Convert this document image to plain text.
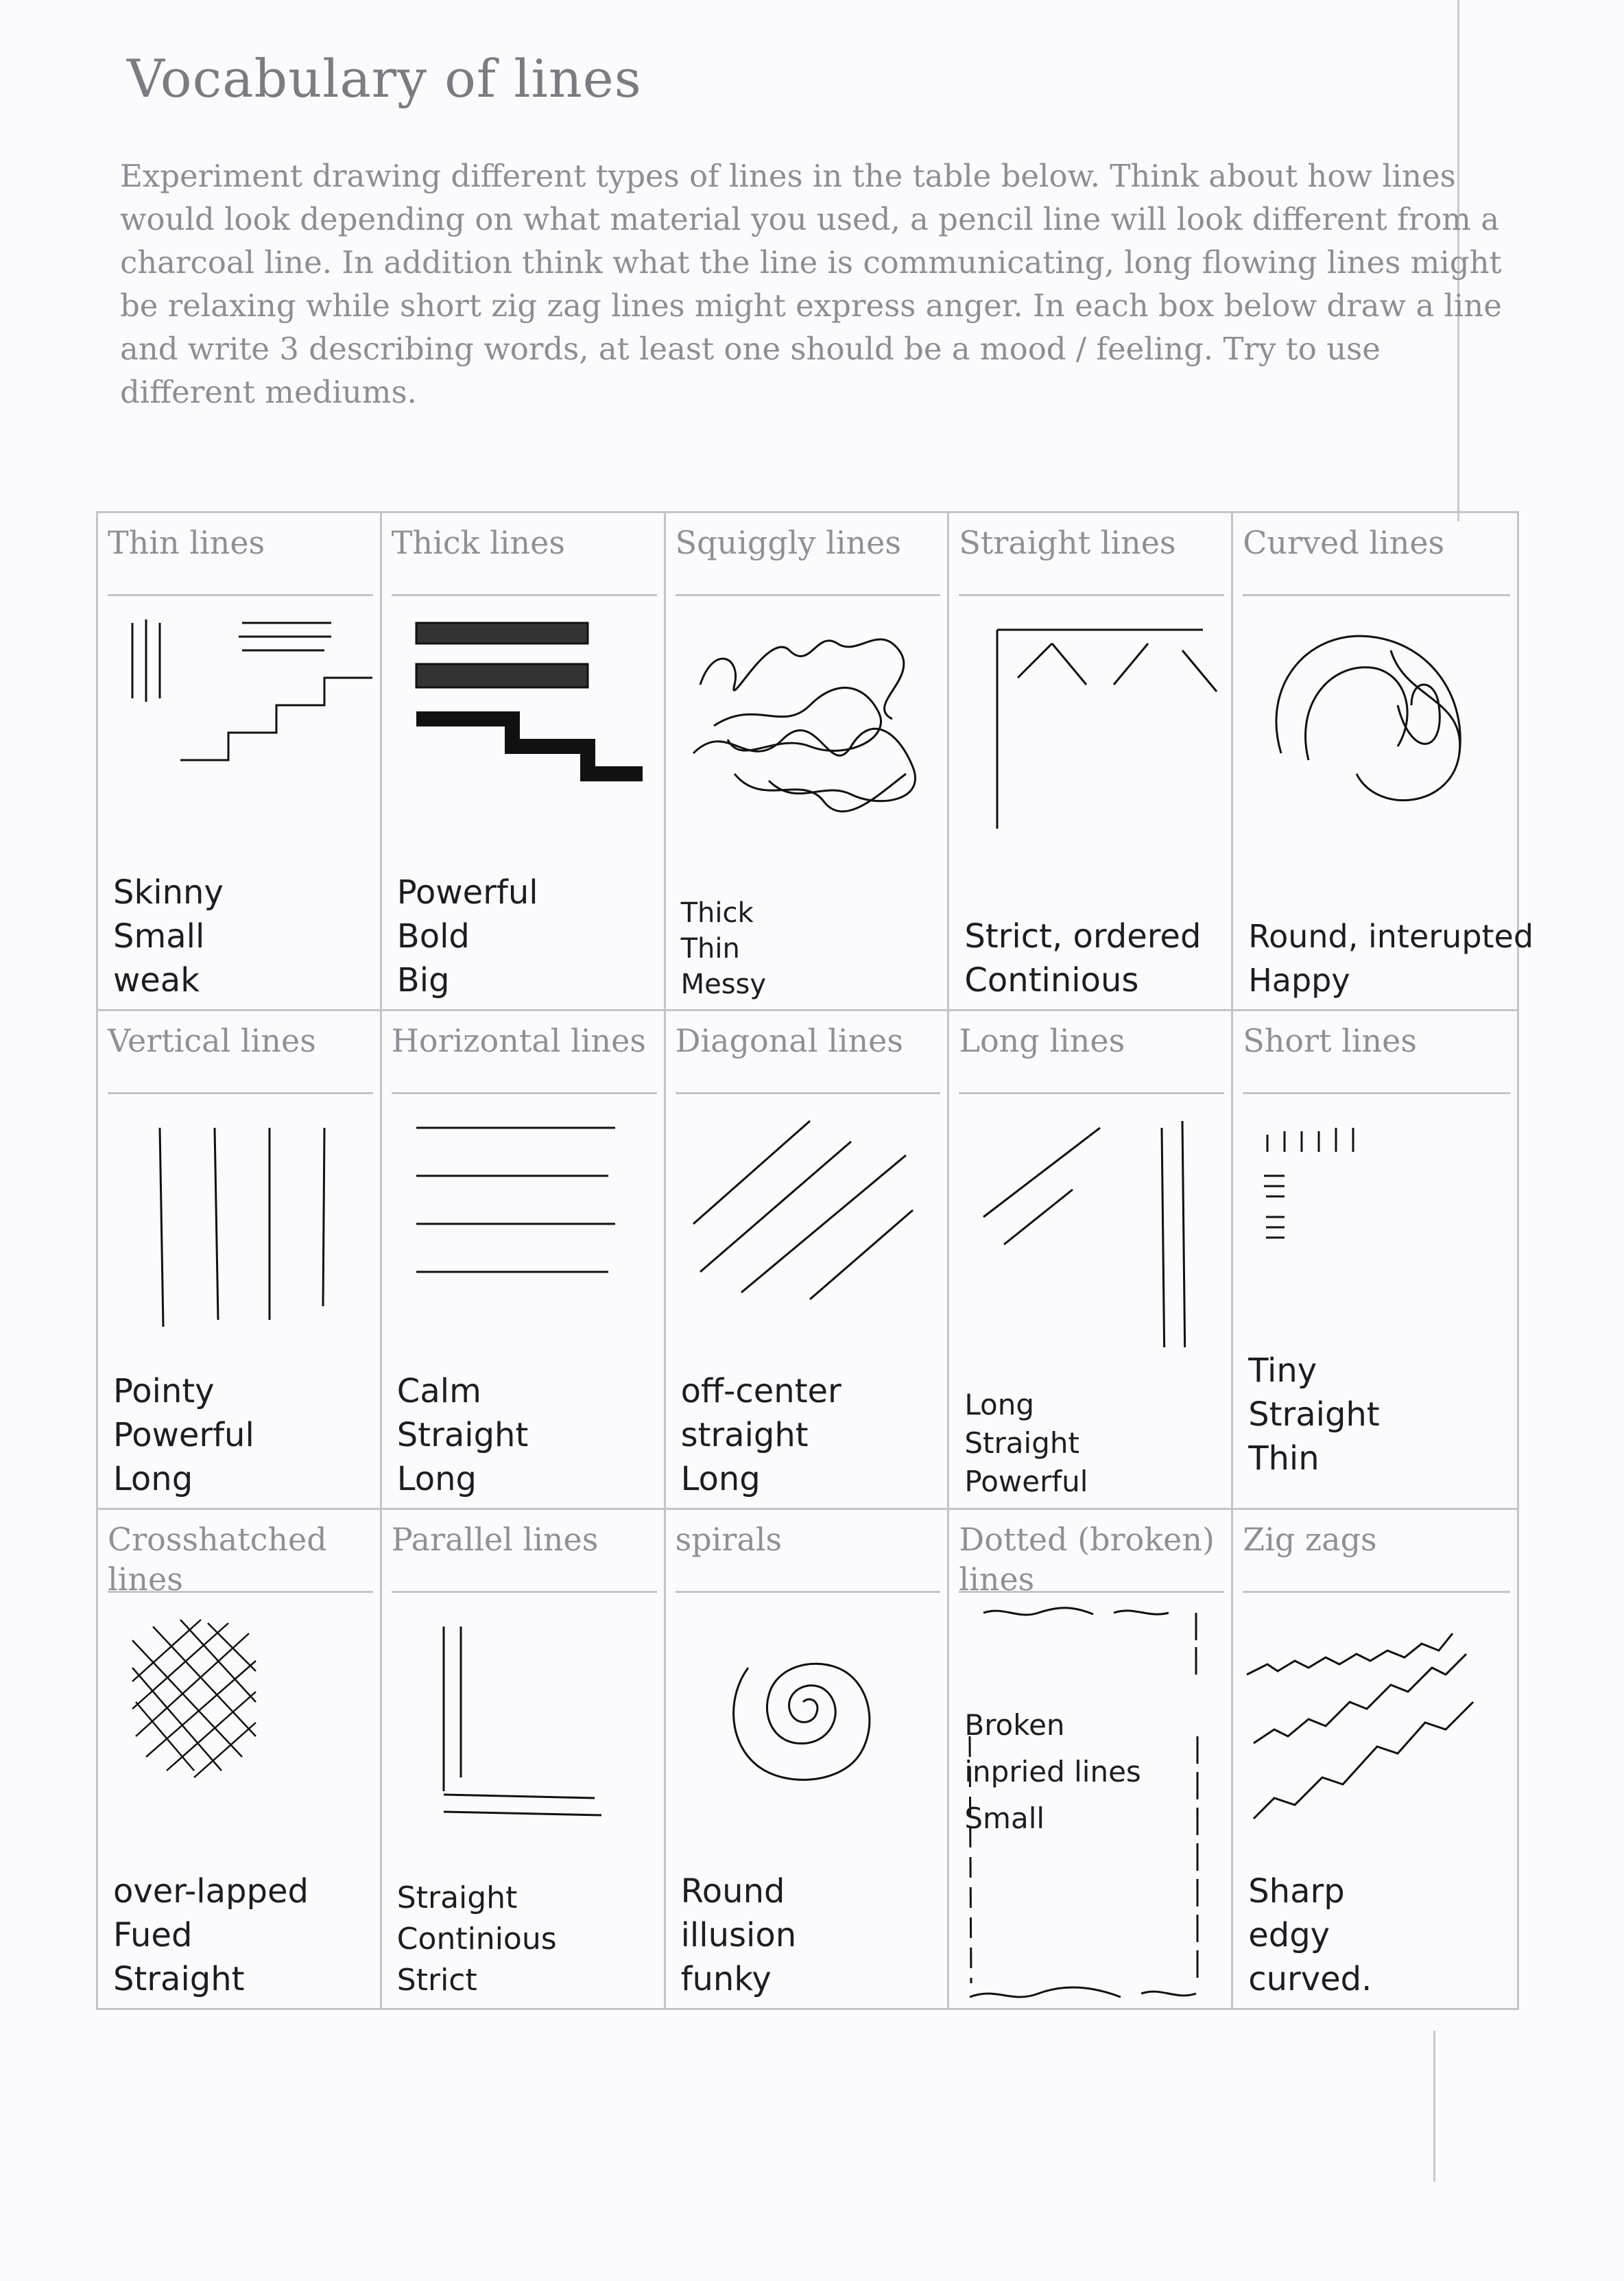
Vocabulary of lines
Experiment drawing different types of lines in the table below. Think about how lines would look depending on what material you used, a pencil line will look different from a charcoal line. In addition think what the line is communicating, long flowing lines might be relaxing while short zig zag lines might express anger. In each box below draw a line and write 3 describing words, at least one should be a mood / feeling. Try to use different mediums.
Thin lines
Skinny
Small
weak
Thick lines
Powerful
Bold
Big
Squiggly lines
Thick
Thin
Messy
Straight lines
Strict, ordered
Continious
Curved lines
Round, interupted
Happy
Vertical lines
Pointy
Powerful
Long
Horizontal lines
Calm
Straight
Long
Diagonal lines
off-center
straight
Long
Long lines
Long
Straight
Powerful
Short lines
Tiny
Straight
Thin
Crosshatched lines
over-lapped
Fued
Straight
Parallel lines
Straight
Continious
Strict
spirals
Round
illusion
funky
Dotted (broken) lines
Broken
inpried lines
Small
Zig zags
Sharp
edgy
curved.
